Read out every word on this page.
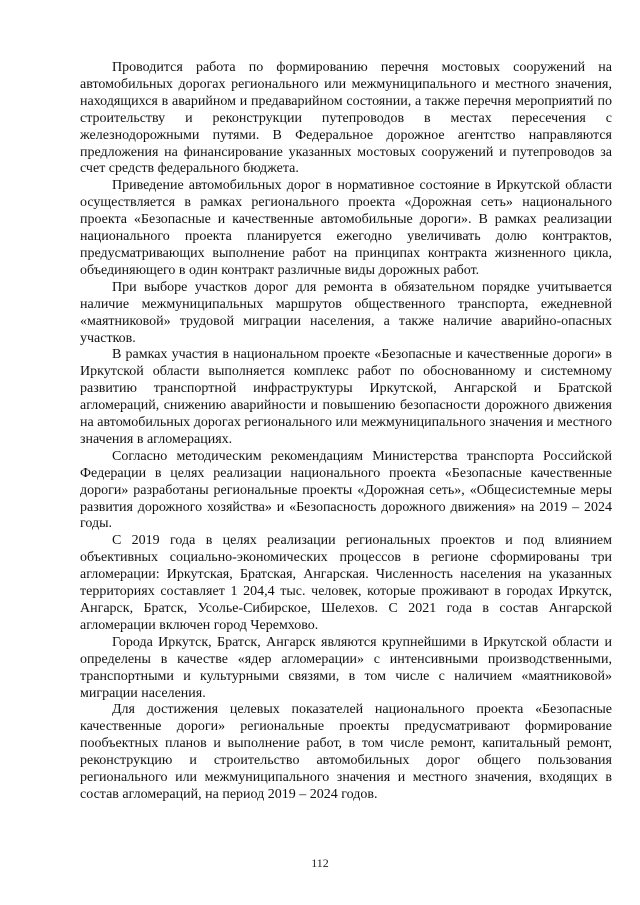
Проводится работа по формированию перечня мостовых сооружений на автомобильных дорогах регионального или межмуниципального и местного значения, находящихся в аварийном и предаварийном состоянии, а также перечня мероприятий по строительству и реконструкции путепроводов в местах пересечения с железнодорожными путями. В Федеральное дорожное агентство направляются предложения на финансирование указанных мостовых сооружений и путепроводов за счет средств федерального бюджета.

Приведение автомобильных дорог в нормативное состояние в Иркутской области осуществляется в рамках регионального проекта «Дорожная сеть» национального проекта «Безопасные и качественные автомобильные дороги». В рамках реализации национального проекта планируется ежегодно увеличивать долю контрактов, предусматривающих выполнение работ на принципах контракта жизненного цикла, объединяющего в один контракт различные виды дорожных работ.

При выборе участков дорог для ремонта в обязательном порядке учитывается наличие межмуниципальных маршрутов общественного транспорта, ежедневной «маятниковой» трудовой миграции населения, а также наличие аварийно-опасных участков.

В рамках участия в национальном проекте «Безопасные и качественные дороги» в Иркутской области выполняется комплекс работ по обоснованному и системному развитию транспортной инфраструктуры Иркутской, Ангарской и Братской агломераций, снижению аварийности и повышению безопасности дорожного движения на автомобильных дорогах регионального или межмуниципального значения и местного значения в агломерациях.

Согласно методическим рекомендациям Министерства транспорта Российской Федерации в целях реализации национального проекта «Безопасные качественные дороги» разработаны региональные проекты «Дорожная сеть», «Общесистемные меры развития дорожного хозяйства» и «Безопасность дорожного движения» на 2019 – 2024 годы.

С 2019 года в целях реализации региональных проектов и под влиянием объективных социально-экономических процессов в регионе сформированы три агломерации: Иркутская, Братская, Ангарская. Численность населения на указанных территориях составляет 1 204,4 тыс. человек, которые проживают в городах Иркутск, Ангарск, Братск, Усолье-Сибирское, Шелехов. С 2021 года в состав Ангарской агломерации включен город Черемхово.

Города Иркутск, Братск, Ангарск являются крупнейшими в Иркутской области и определены в качестве «ядер агломерации» с интенсивными производственными, транспортными и культурными связями, в том числе с наличием «маятниковой» миграции населения.

Для достижения целевых показателей национального проекта «Безопасные качественные дороги» региональные проекты предусматривают формирование пообъектных планов и выполнение работ, в том числе ремонт, капитальный ремонт, реконструкцию и строительство автомобильных дорог общего пользования регионального или межмуниципального значения и местного значения, входящих в состав агломераций, на период 2019 – 2024 годов.

112
